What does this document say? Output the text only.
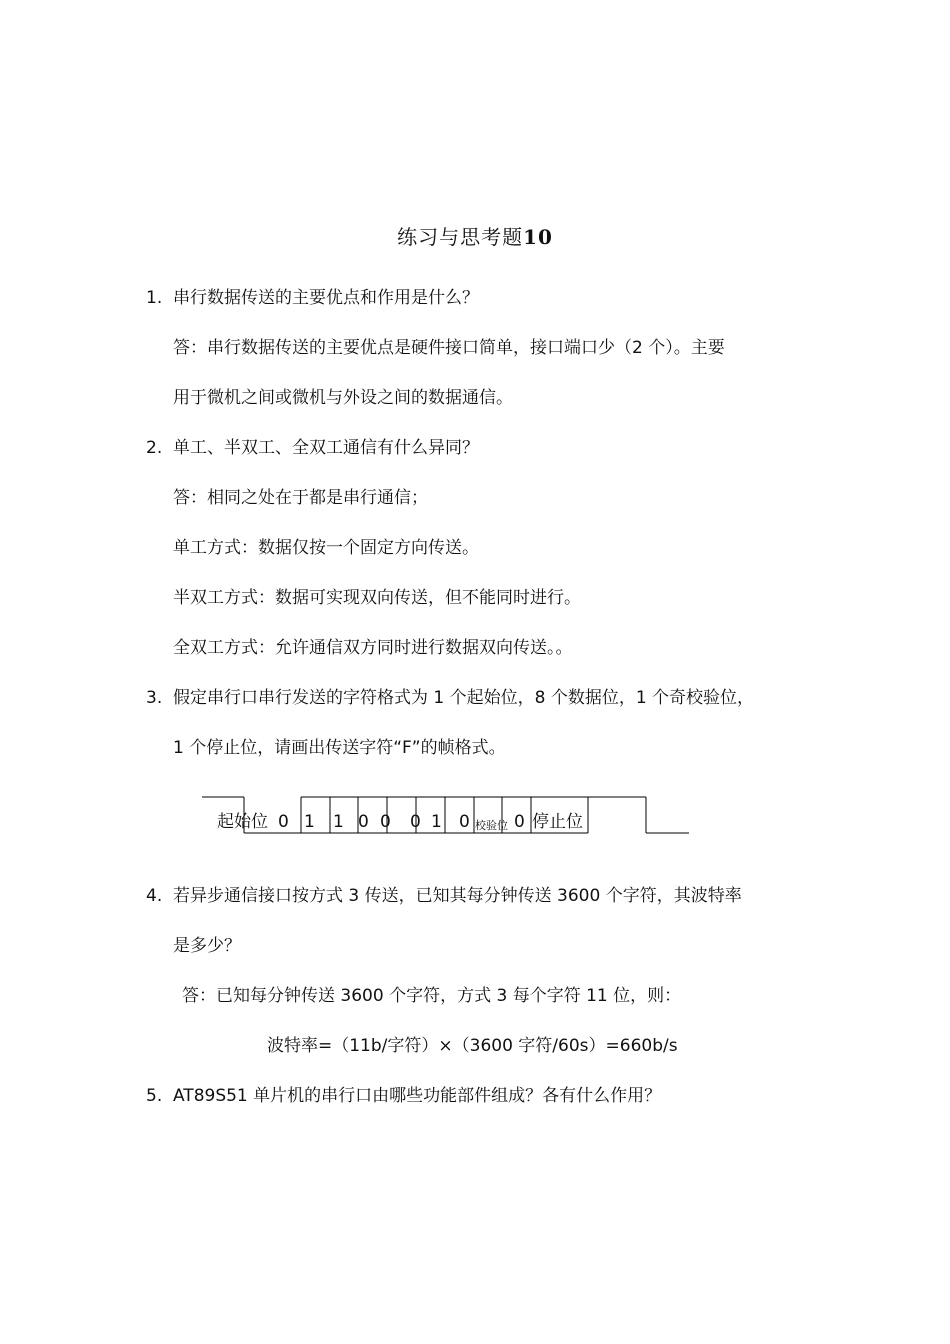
练习与思考题10
1. 串行数据传送的主要优点和作用是什么？
答：串行数据传送的主要优点是硬件接口简单，接口端口少（2 个）。主要
用于微机之间或微机与外设之间的数据通信。
2. 单工、半双工、全双工通信有什么异同？
答：相同之处在于都是串行通信；
单工方式：数据仅按一个固定方向传送。
半双工方式：数据可实现双向传送，但不能同时进行。
全双工方式：允许通信双方同时进行数据双向传送。。
3. 假定串行口串行发送的字符格式为 1 个起始位，8 个数据位，1 个奇校验位，
1 个停止位，请画出传送字符“F”的帧格式。
起始位 0 1 1 0 0 0 1 0 校验位 0 停止位
4. 若异步通信接口按方式 3 传送，已知其每分钟传送 3600 个字符，其波特率
是多少？
答：已知每分钟传送 3600 个字符，方式 3 每个字符 11 位，则：
波特率=（11b/字符）×（3600 字符/60s）=660b/s
5. AT89S51 单片机的串行口由哪些功能部件组成？各有什么作用？
